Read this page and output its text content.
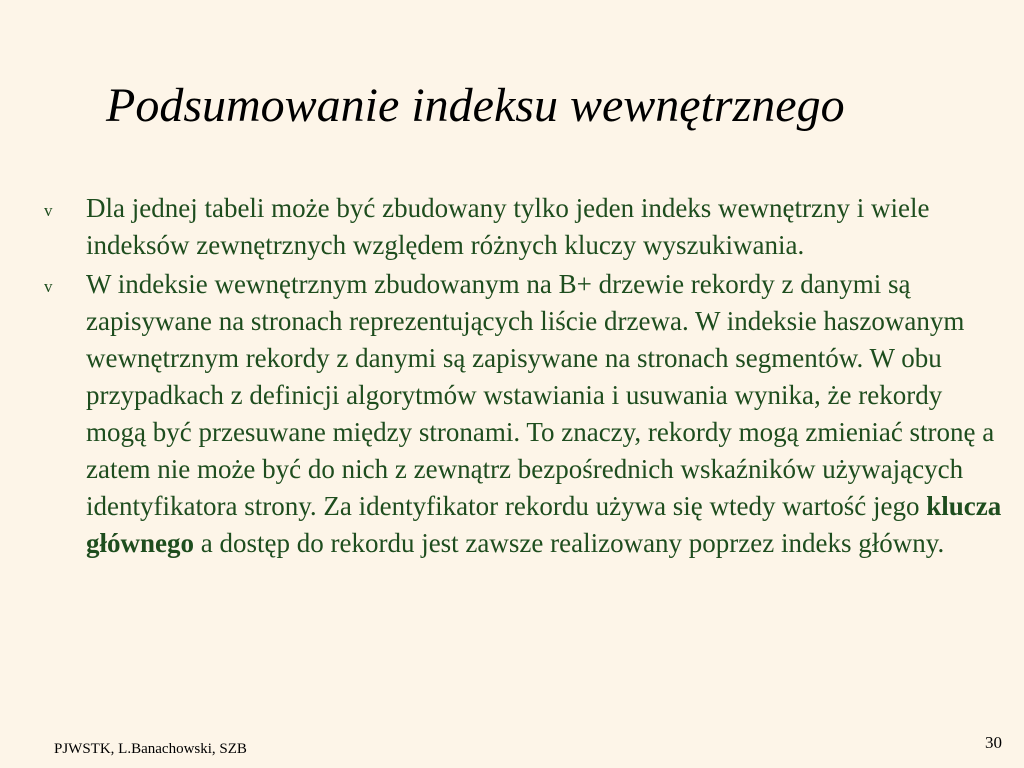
Podsumowanie indeksu wewnętrznego
v Dla jednej tabeli może być zbudowany tylko jeden indeks wewnętrzny i wiele indeksów zewnętrznych względem różnych kluczy wyszukiwania.
v W indeksie wewnętrznym zbudowanym na B+ drzewie rekordy z danymi są zapisywane na stronach reprezentujących liście drzewa. W indeksie haszowanym wewnętrznym rekordy z danymi są zapisywane na stronach segmentów. W obu przypadkach z definicji algorytmów wstawiania i usuwania wynika, że rekordy mogą być przesuwane między stronami. To znaczy, rekordy mogą zmieniać stronę a zatem nie może być do nich z zewnątrz bezpośrednich wskaźników używających identyfikatora strony. Za identyfikator rekordu używa się wtedy wartość jego klucza głównego a dostęp do rekordu jest zawsze realizowany poprzez indeks główny.
PJWSTK, L.Banachowski, SZB	30
